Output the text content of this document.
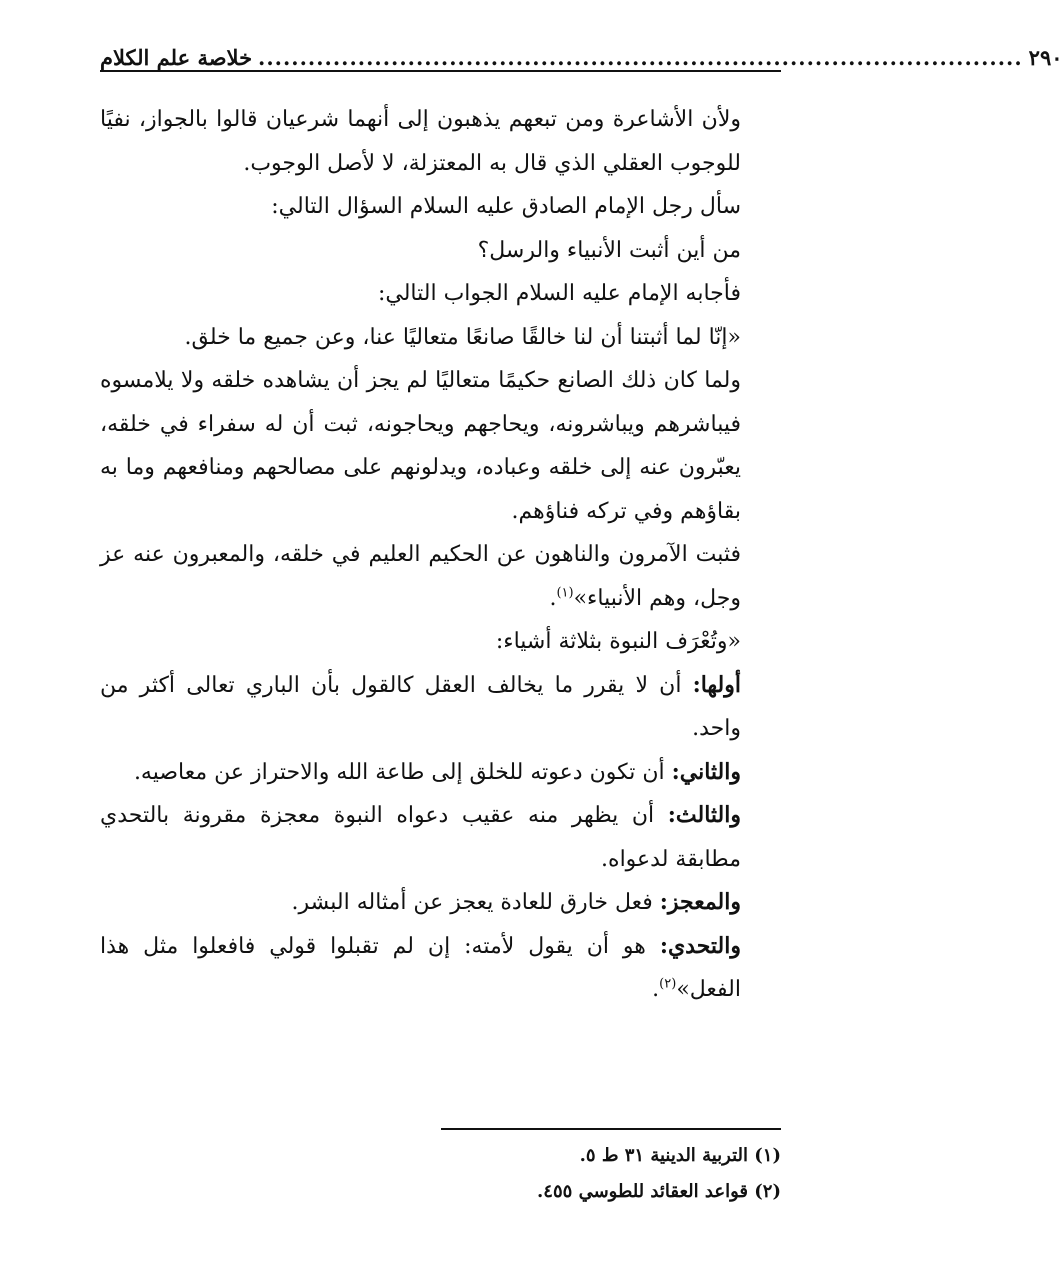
خلاصة علم الكلام ............................................................................................ ٢٩٠

ولأن الأشاعرة ومن تبعهم يذهبون إلى أنهما شرعيان قالوا بالجواز، نفيًا للوجوب العقلي الذي قال به المعتزلة، لا لأصل الوجوب.

سأل رجل الإمام الصادق عليه السلام السؤال التالي:

من أين أثبت الأنبياء والرسل؟

فأجابه الإمام عليه السلام الجواب التالي:

«إنّا لما أثبتنا أن لنا خالقًا صانعًا متعاليًا عنا، وعن جميع ما خلق.

ولما كان ذلك الصانع حكيمًا متعاليًا لم يجز أن يشاهده خلقه ولا يلامسوه فيباشرهم ويباشرونه، ويحاجهم ويحاجونه، ثبت أن له سفراء في خلقه، يعبّرون عنه إلى خلقه وعباده، ويدلونهم على مصالحهم ومنافعهم وما به بقاؤهم وفي تركه فناؤهم.

فثبت الآمرون والناهون عن الحكيم العليم في خلقه، والمعبرون عنه عز وجل، وهم الأنبياء»$^{(١)}$.

«وتُعْرَف النبوة بثلاثة أشياء:

أولها: أن لا يقرر ما يخالف العقل كالقول بأن الباري تعالى أكثر من واحد.

والثاني: أن تكون دعوته للخلق إلى طاعة الله والاحتراز عن معاصيه.

والثالث: أن يظهر منه عقيب دعواه النبوة معجزة مقرونة بالتحدي مطابقة لدعواه.

والمعجز: فعل خارق للعادة يعجز عن أمثاله البشر.

والتحدي: هو أن يقول لأمته: إن لم تقبلوا قولي فافعلوا مثل هذا الفعل»$^{(٢)}$.

(١) التربية الدينية ٣١ ط ٥.

(٢) قواعد العقائد للطوسي ٤٥٥.
